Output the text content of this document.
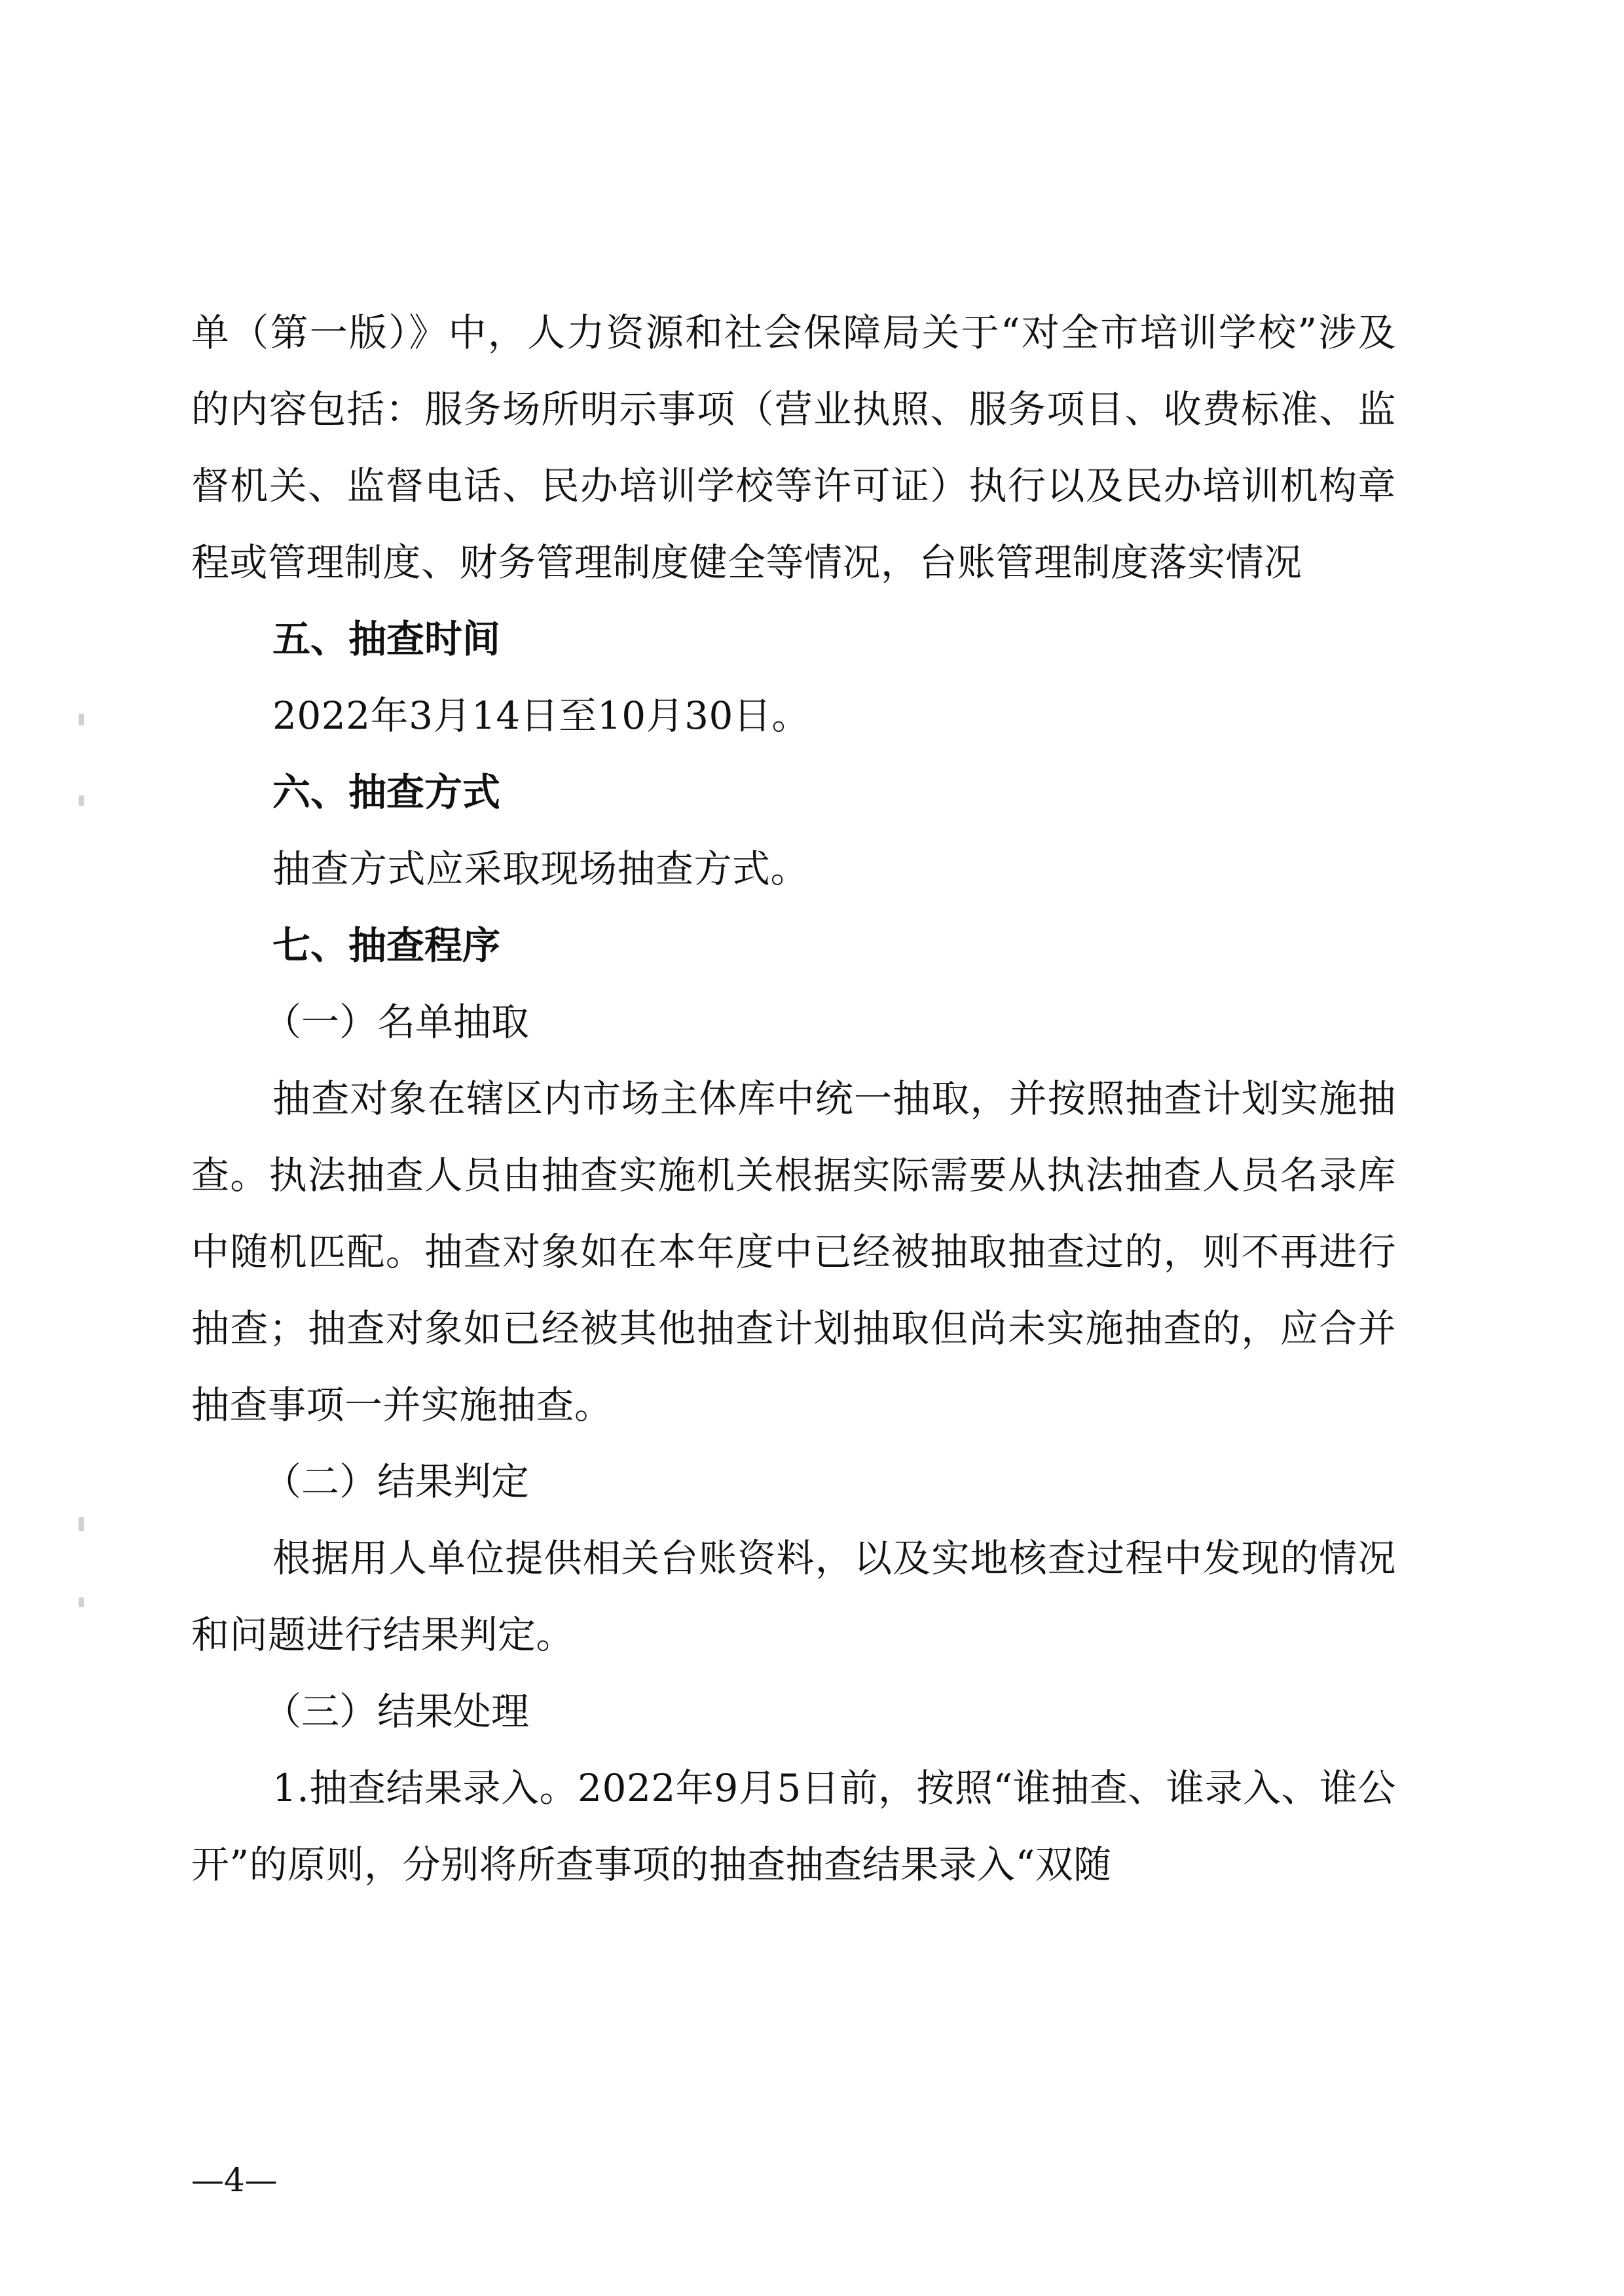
单（第一版）》中，人力资源和社会保障局关于“对全市培训学校”涉及的内容包括：服务场所明示事项（营业执照、服务项目、收费标准、监督机关、监督电话、民办培训学校等许可证）执行以及民办培训机构章程或管理制度、财务管理制度健全等情况，台账管理制度落实情况

五、抽查时间

2022年3月14日至10月30日。

六、抽查方式

抽查方式应采取现场抽查方式。

七、抽查程序

（一）名单抽取

抽查对象在辖区内市场主体库中统一抽取，并按照抽查计划实施抽查。执法抽查人员由抽查实施机关根据实际需要从执法抽查人员名录库中随机匹配。抽查对象如在本年度中已经被抽取抽查过的，则不再进行抽查；抽查对象如已经被其他抽查计划抽取但尚未实施抽查的，应合并抽查事项一并实施抽查。

（二）结果判定

根据用人单位提供相关台账资料，以及实地核查过程中发现的情况和问题进行结果判定。

（三）结果处理

1.抽查结果录入。2022年9月5日前，按照“谁抽查、谁录入、谁公开”的原则，分别将所查事项的抽查抽查结果录入“双随

—4—
